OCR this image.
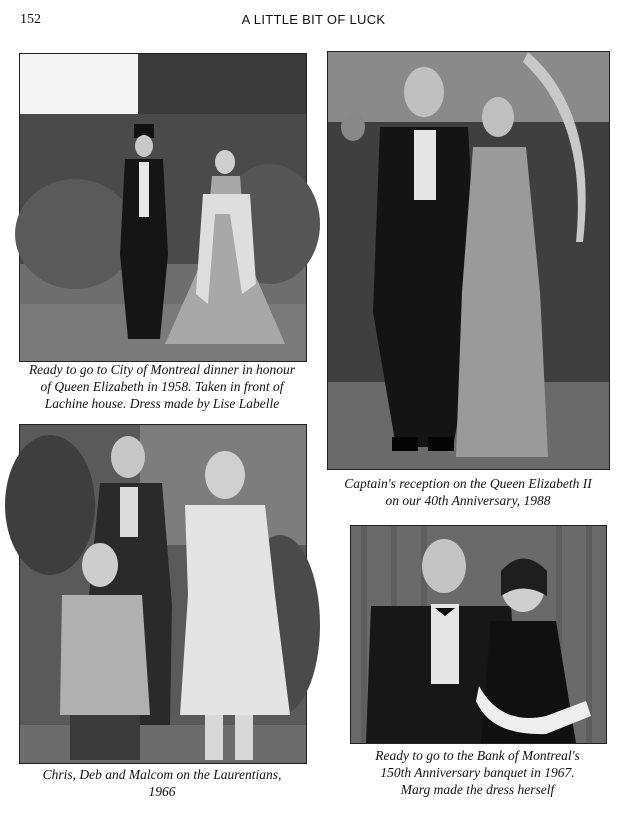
152	A LITTLE BIT OF LUCK
Ready to go to City of Montreal dinner in honour
of Queen Elizabeth in 1958. Taken in front of
Lachine house. Dress made by Lise Labelle
Captain's reception on the Queen Elizabeth II
on our 40th Anniversary, 1988
Chris, Deb and Malcom on the Laurentians,
1966
Ready to go to the Bank of Montreal's
150th Anniversary banquet in 1967.
Marg made the dress herself
